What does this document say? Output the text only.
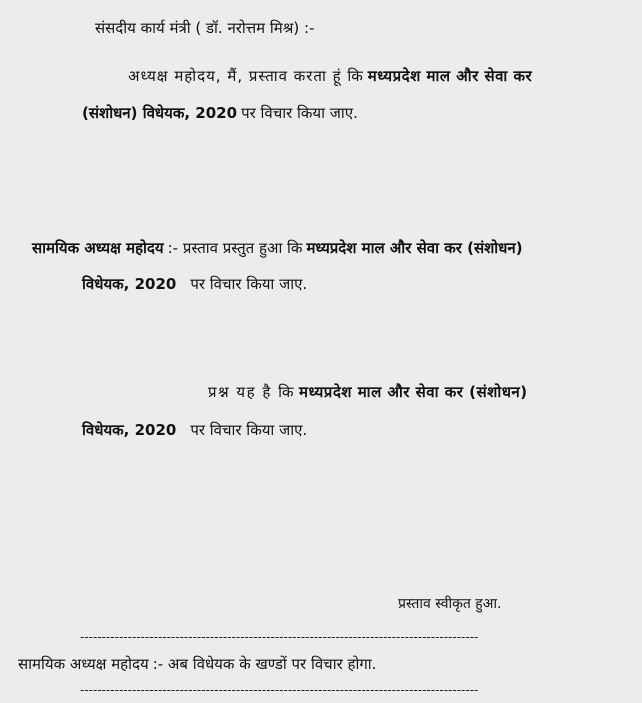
संसदीय कार्य मंत्री ( डॉ. नरोत्तम मिश्र) :-
अध्यक्ष महोदय, मैं, प्रस्ताव करता हूं कि मध्यप्रदेश माल और सेवा कर
(संशोधन) विधेयक, 2020 पर विचार किया जाए.
सामयिक अध्यक्ष महोदय :- प्रस्ताव प्रस्तुत हुआ कि मध्यप्रदेश माल और सेवा कर (संशोधन)
विधेयक, 2020 पर विचार किया जाए.
प्रश्न यह है कि मध्यप्रदेश माल और सेवा कर (संशोधन)
विधेयक, 2020 पर विचार किया जाए.
प्रस्ताव स्वीकृत हुआ.
--------------------------------------------------------------------------------------------
सामयिक अध्यक्ष महोदय :- अब विधेयक के खण्डों पर विचार होगा.
--------------------------------------------------------------------------------------------
